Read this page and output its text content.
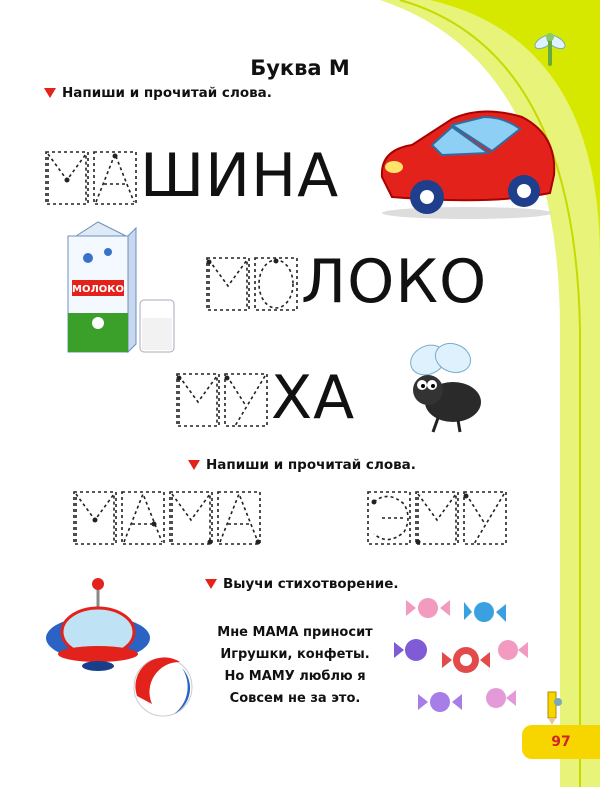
Буква М
Напиши и прочитай слова.
ШИНА
МОЛОКО	ЛОКО
ХА
Напиши и прочитай слова.
Выучи стихотворение.
Мне МАМА приносит
Игрушки, конфеты.
Но МАМУ люблю я
Совсем не за это.
97
